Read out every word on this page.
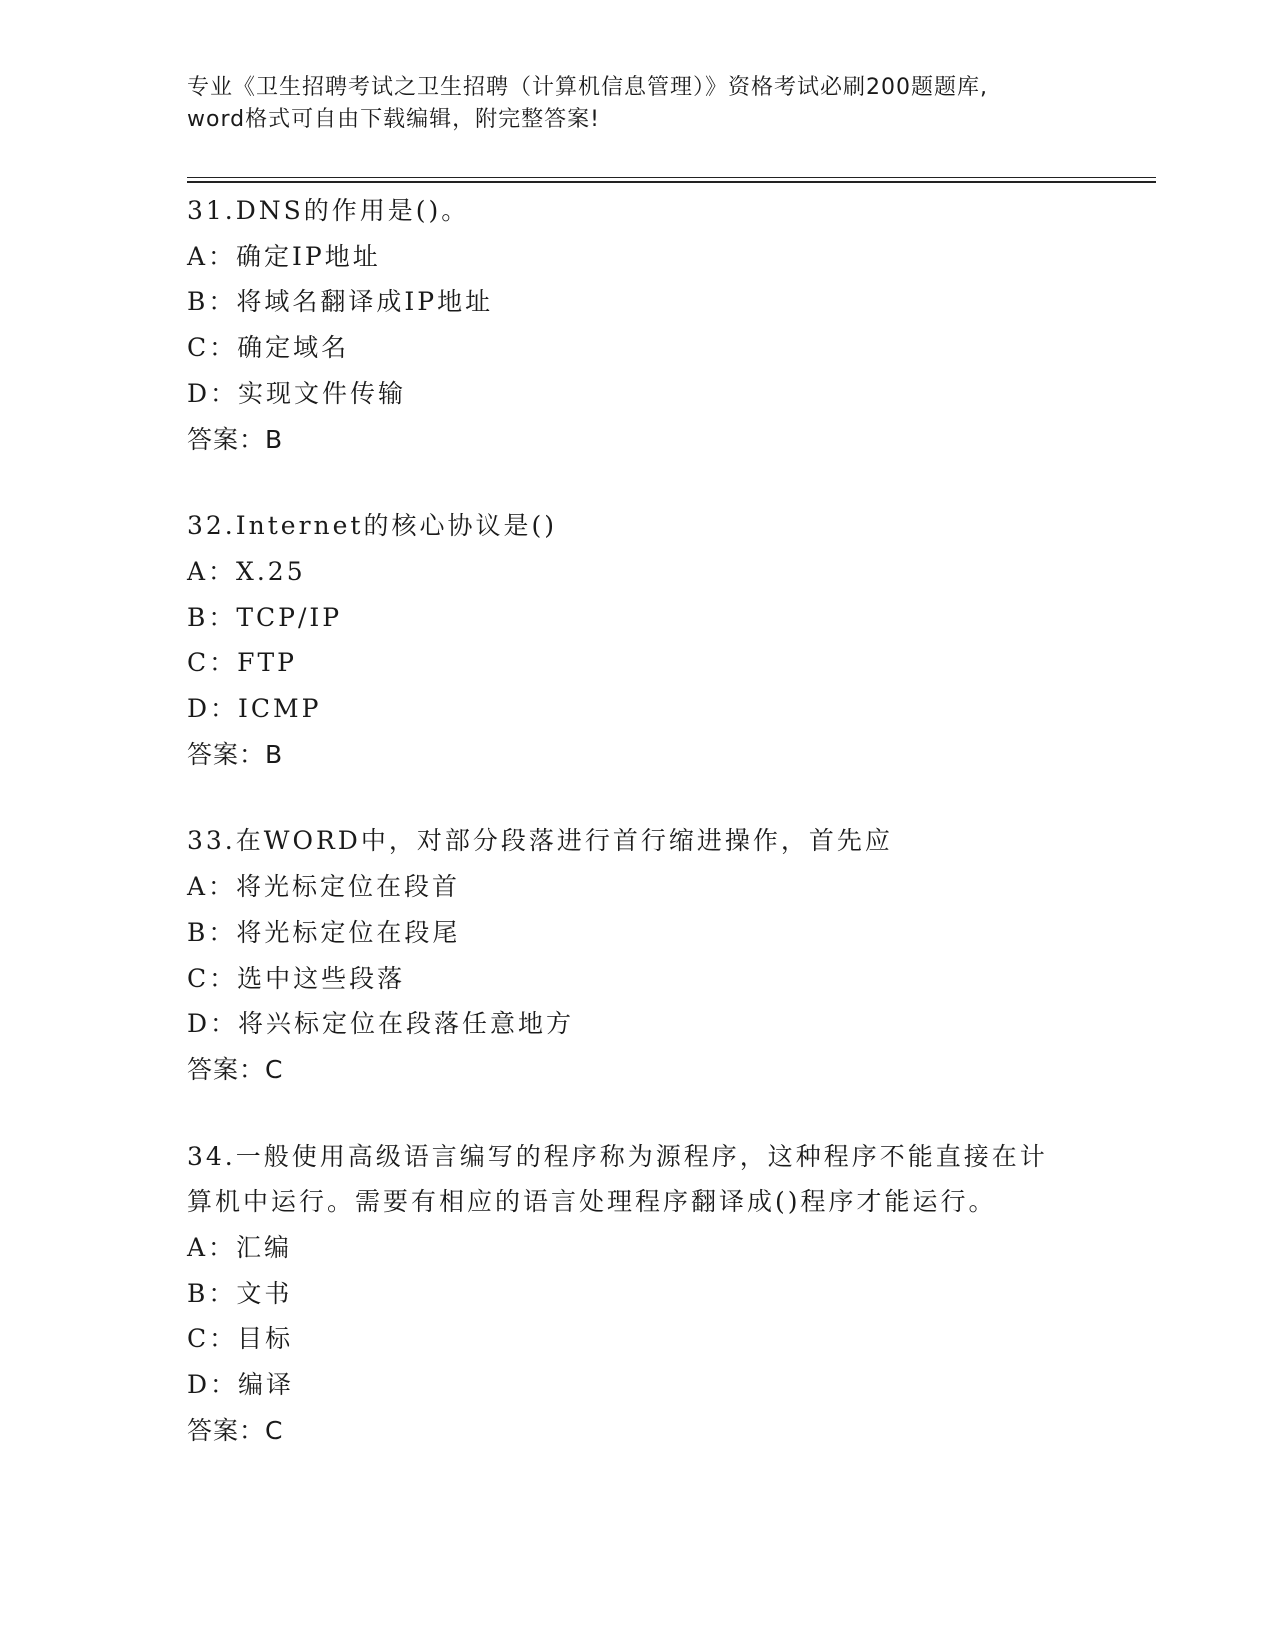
专业《卫生招聘考试之卫生招聘（计算机信息管理）》资格考试必刷200题题库,
word格式可自由下载编辑，附完整答案!
31.DNS的作用是()。
A：确定IP地址
B：将域名翻译成IP地址
C：确定域名
D：实现文件传输
答案：B
32.Internet的核心协议是()
A：X.25
B：TCP/IP
C：FTP
D：ICMP
答案：B
33.在WORD中，对部分段落进行首行缩进操作，首先应
A：将光标定位在段首
B：将光标定位在段尾
C：选中这些段落
D：将兴标定位在段落任意地方
答案：C
34.一般使用高级语言编写的程序称为源程序，这种程序不能直接在计
算机中运行。需要有相应的语言处理程序翻译成()程序才能运行。
A：汇编
B：文书
C：目标
D：编译
答案：C
